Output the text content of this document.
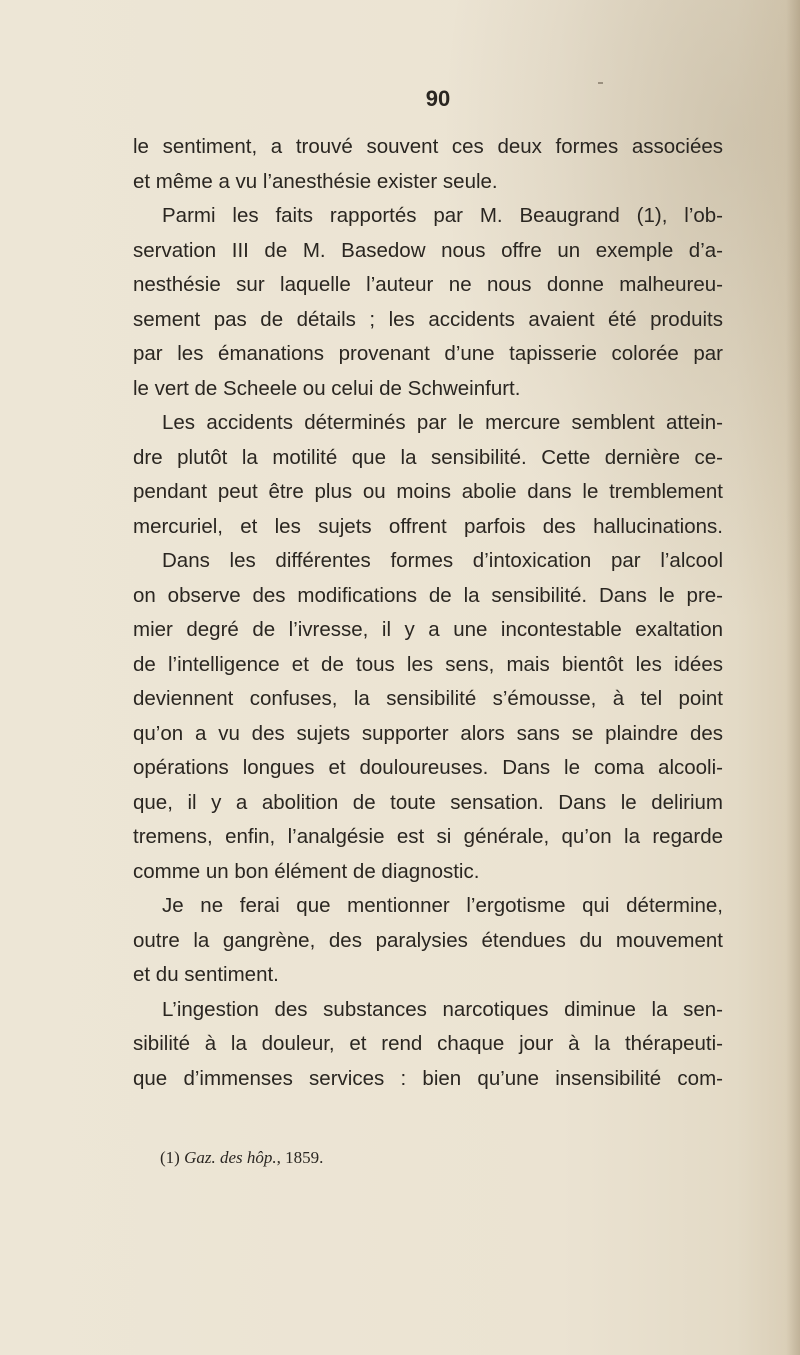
90
le sentiment, a trouvé souvent ces deux formes associées
et même a vu l’anesthésie exister seule.
Parmi les faits rapportés par M. Beaugrand (1), l’ob-
servation III de M. Basedow nous offre un exemple d’a-
nesthésie sur laquelle l’auteur ne nous donne malheureu-
sement pas de détails ; les accidents avaient été produits
par les émanations provenant d’une tapisserie colorée par
le vert de Scheele ou celui de Schweinfurt.
Les accidents déterminés par le mercure semblent attein-
dre plutôt la motilité que la sensibilité. Cette dernière ce-
pendant peut être plus ou moins abolie dans le tremblement
mercuriel, et les sujets offrent parfois des hallucinations.
Dans les différentes formes d’intoxication par l’alcool
on observe des modifications de la sensibilité. Dans le pre-
mier degré de l’ivresse, il y a une incontestable exaltation
de l’intelligence et de tous les sens, mais bientôt les idées
deviennent confuses, la sensibilité s’émousse, à tel point
qu’on a vu des sujets supporter alors sans se plaindre des
opérations longues et douloureuses. Dans le coma alcooli-
que, il y a abolition de toute sensation. Dans le delirium
tremens, enfin, l’analgésie est si générale, qu’on la regarde
comme un bon élément de diagnostic.
Je ne ferai que mentionner l’ergotisme qui détermine,
outre la gangrène, des paralysies étendues du mouvement
et du sentiment.
L’ingestion des substances narcotiques diminue la sen-
sibilité à la douleur, et rend chaque jour à la thérapeuti-
que d’immenses services : bien qu’une insensibilité com-
(1) Gaz. des hôp., 1859.
